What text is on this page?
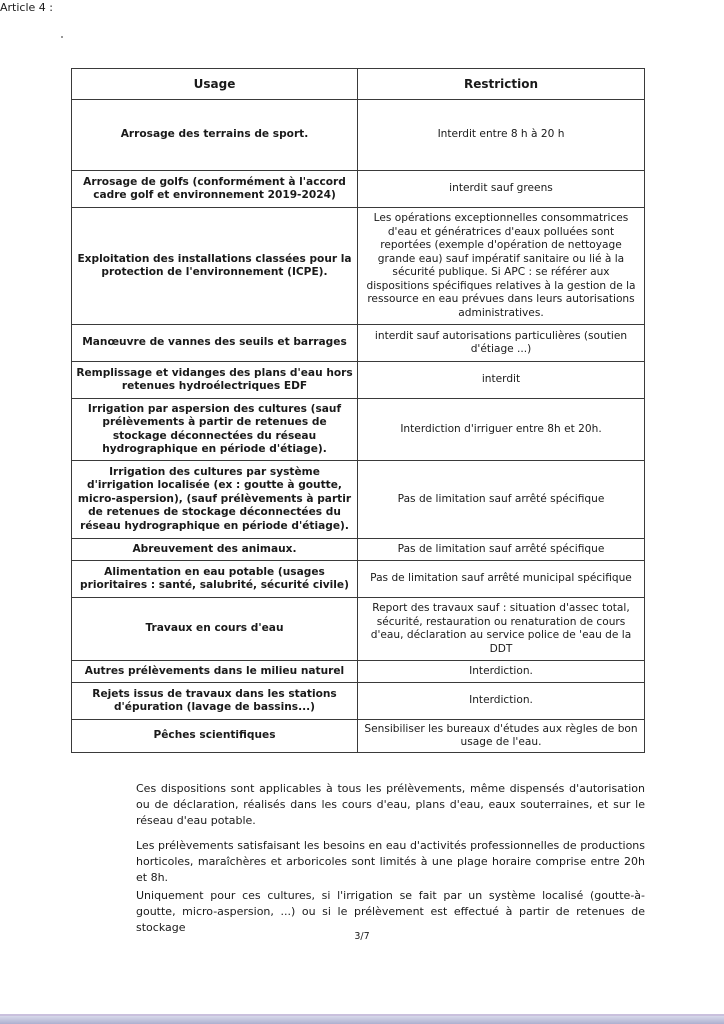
Usage	Restriction
Arrosage des terrains de sport.	Interdit entre 8 h à 20 h
Arrosage de golfs (conformément à l'accord cadre golf et environnement 2019-2024)	interdit sauf greens
Exploitation des installations classées pour la protection de l'environnement (ICPE).	Les opérations exceptionnelles consommatrices d'eau et génératrices d'eaux polluées sont reportées (exemple d'opération de nettoyage grande eau) sauf impératif sanitaire ou lié à la sécurité publique. Si APC : se référer aux dispositions spécifiques relatives à la gestion de la ressource en eau prévues dans leurs autorisations administratives.
Manœuvre de vannes des seuils et barrages	interdit sauf autorisations particulières (soutien d'étiage ...)
Remplissage et vidanges des plans d'eau hors retenues hydroélectriques EDF	interdit
Irrigation par aspersion des cultures (sauf prélèvements à partir de retenues de stockage déconnectées du réseau hydrographique en période d'étiage).	Interdiction d'irriguer entre 8h et 20h.
Irrigation des cultures par système d'irrigation localisée (ex : goutte à goutte, micro-aspersion), (sauf prélèvements à partir de retenues de stockage déconnectées du réseau hydrographique en période d'étiage).	Pas de limitation sauf arrêté spécifique
Abreuvement des animaux.	Pas de limitation sauf arrêté spécifique
Alimentation en eau potable (usages prioritaires : santé, salubrité, sécurité civile)	Pas de limitation sauf arrêté municipal spécifique
Travaux en cours d'eau	Report des travaux sauf : situation d'assec total, sécurité, restauration ou renaturation de cours d'eau, déclaration au service police de 'eau de la DDT
Autres prélèvements dans le milieu naturel	Interdiction.
Rejets issus de travaux dans les stations d'épuration (lavage de bassins...)	Interdiction.
Pêches scientifiques	Sensibiliser les bureaux d'études aux règles de bon usage de l'eau.
Ces dispositions sont applicables à tous les prélèvements, même dispensés d'autorisation ou de déclaration, réalisés dans les cours d'eau, plans d'eau, eaux souterraines, et sur le réseau d'eau potable.
Article 4 :
Les prélèvements satisfaisant les besoins en eau d'activités professionnelles de productions horticoles, maraîchères et arboricoles sont limités à une plage horaire comprise entre 20h et 8h.
Uniquement pour ces cultures, si l'irrigation se fait par un système localisé (goutte-à-goutte, micro-aspersion, ...) ou si le prélèvement est effectué à partir de retenues de stockage
3/7
